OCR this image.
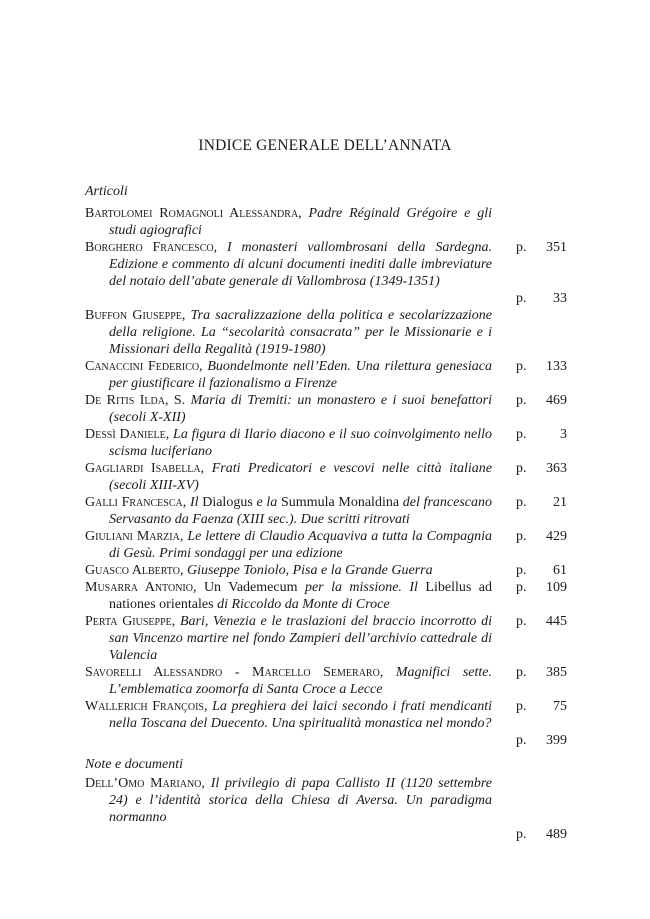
INDICE GENERALE DELL’ANNATA
Articoli
Bartolomei Romagnoli Alessandra, Padre Réginald Grégoire e gli studi agiografici
p. 351
Borghero Francesco, I monasteri vallombrosani della Sardegna. Edizione e commento di alcuni documenti inediti dalle imbreviature del notaio dell’abate generale di Vallombrosa (1349-1351)
p. 33
Buffon Giuseppe, Tra sacralizzazione della politica e secolarizzazione della religione. La “secolarità consacrata” per le Missionarie e i Missionari della Regalità (1919-1980)
p. 133
Canaccini Federico, Buondelmonte nell’Eden. Una rilettura genesiaca per giustificare il fazionalismo a Firenze
p. 469
De Ritis Ilda, S. Maria di Tremiti: un monastero e i suoi benefattori (secoli X-XII)
p. 3
Dessì Daniele, La figura di Ilario diacono e il suo coinvolgimento nello scisma luciferiano
p. 363
Gagliardi Isabella, Frati Predicatori e vescovi nelle città italiane (secoli XIII-XV)
p. 21
Galli Francesca, Il Dialogus e la Summula Monaldina del francescano Servasanto da Faenza (XIII sec.). Due scritti ritrovati
p. 429
Giuliani Marzia, Le lettere di Claudio Acquaviva a tutta la Compagnia di Gesù. Primi sondaggi per una edizione
p. 61
Guasco Alberto, Giuseppe Toniolo, Pisa e la Grande Guerra
p. 109
Musarra Antonio, Un Vademecum per la missione. Il Libellus ad nationes orientales di Riccoldo da Monte di Croce
p. 445
Perta Giuseppe, Bari, Venezia e le traslazioni del braccio incorrotto di san Vincenzo martire nel fondo Zampieri dell’archivio cattedrale di Valencia
p. 385
Savorelli Alessandro - Marcello Semeraro, Magnifici sette. L’emblematica zoomorfa di Santa Croce a Lecce
p. 75
Wallerich François, La preghiera dei laici secondo i frati mendicanti nella Toscana del Duecento. Una spiritualità monastica nel mondo?
p. 399
Note e documenti
Dell’Omo Mariano, Il privilegio di papa Callisto II (1120 settembre 24) e l’identità storica della Chiesa di Aversa. Un paradigma normanno
p. 489
